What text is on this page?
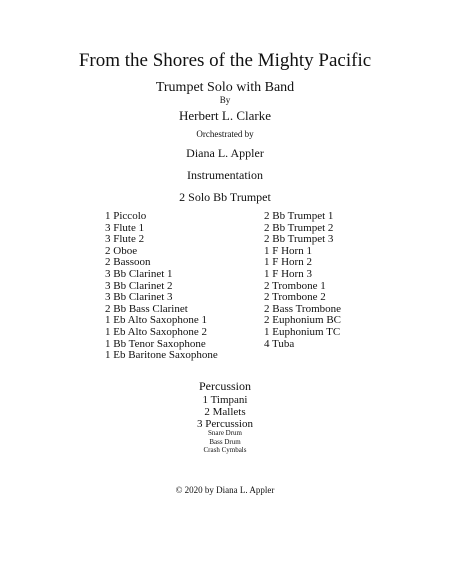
From the Shores of the Mighty Pacific
Trumpet Solo with Band
By
Herbert L. Clarke
Orchestrated by
Diana L. Appler
Instrumentation
2 Solo Bb Trumpet
1 Piccolo
3 Flute 1
3 Flute 2
2 Oboe
2 Bassoon
3 Bb Clarinet 1
3 Bb Clarinet 2
3 Bb Clarinet 3
2 Bb Bass Clarinet
1 Eb Alto Saxophone 1
1 Eb Alto Saxophone 2
1 Bb Tenor Saxophone
1 Eb Baritone Saxophone
2 Bb Trumpet 1
2 Bb Trumpet 2
2 Bb Trumpet 3
1 F Horn 1
1 F Horn 2
1 F Horn 3
2 Trombone 1
2 Trombone 2
2 Bass Trombone
2 Euphonium BC
1 Euphonium TC
4 Tuba
Percussion
1 Timpani
2 Mallets
3 Percussion
Snare Drum
Bass Drum
Crash Cymbals
© 2020 by Diana L. Appler
